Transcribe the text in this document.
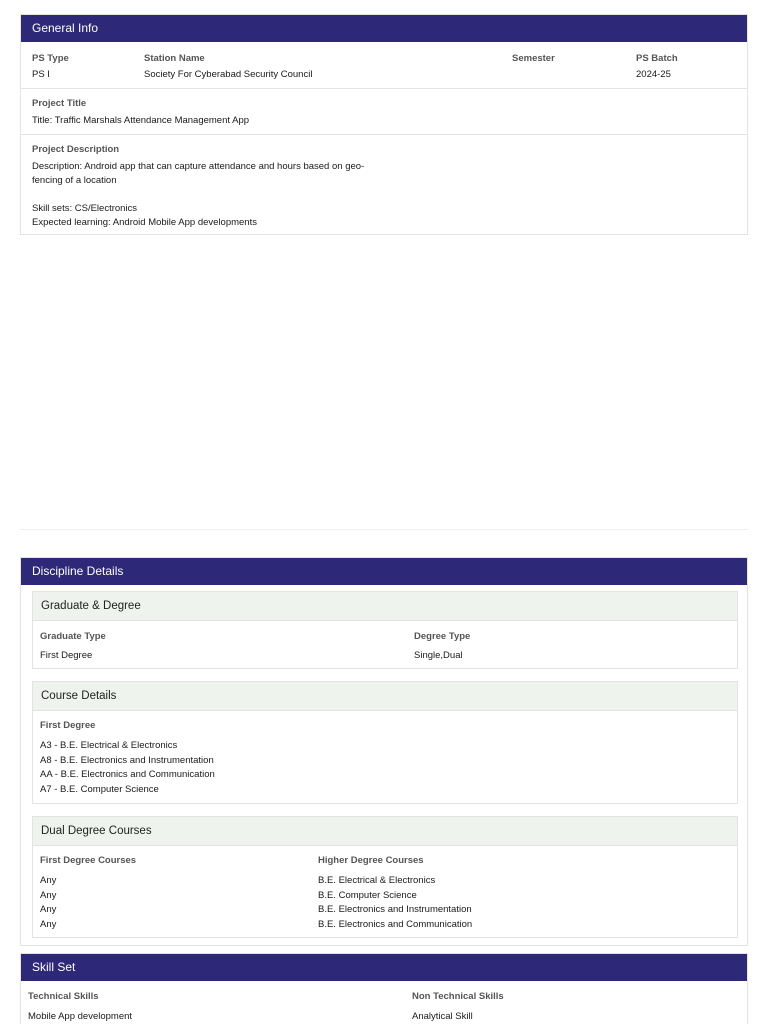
General Info
PS Type
PS I
Station Name
Society For Cyberabad Security Council
Semester	PS Batch
2024-25
Project Title
Title: Traffic Marshals Attendance Management App
Project Description
Description: Android app that can capture attendance and hours based on geo-
fencing of a location
Skill sets: CS/Electronics
Expected learning: Android Mobile App developments
Discipline Details
Graduate & Degree
Graduate Type
First Degree
Degree Type
Single,Dual
Course Details
First Degree
A3 - B.E. Electrical & Electronics
A8 - B.E. Electronics and Instrumentation
AA - B.E. Electronics and Communication
A7 - B.E. Computer Science
Dual Degree Courses
First Degree Courses	Higher Degree Courses
Any
Any
Any
Any
B.E. Electrical & Electronics
B.E. Computer Science
B.E. Electronics and Instrumentation
B.E. Electronics and Communication
Skill Set
Technical Skills
Mobile App development
Non Technical Skills
Analytical Skill
